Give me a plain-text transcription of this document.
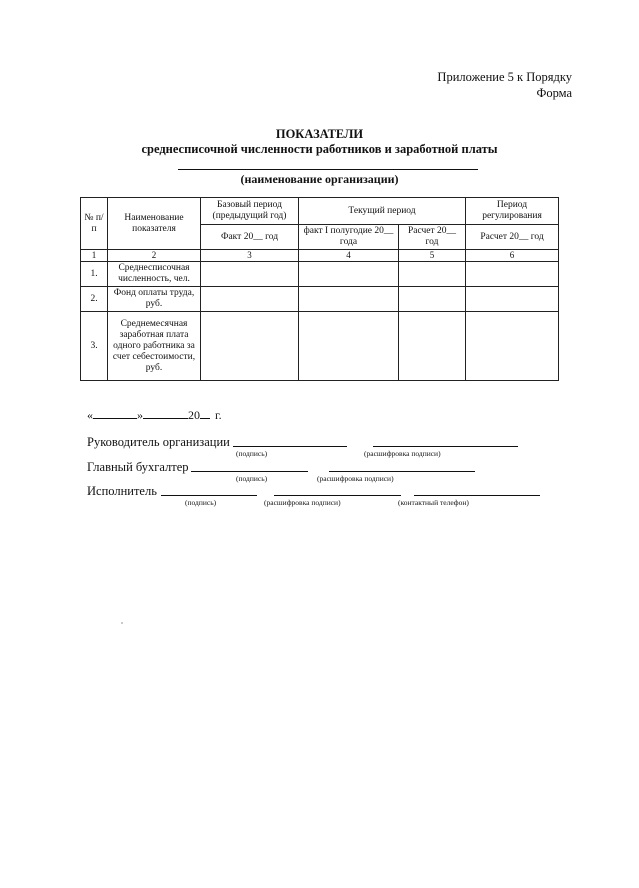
Приложение 5 к Порядку
Форма
ПОКАЗАТЕЛИ
среднесписочной численности работников и заработной платы
(наименование организации)
№ п/п	Наименование показателя	Базовый период (предыдущий год)	Текущий период		Период регулирования
		Факт 20__ год	факт I полугодие 20__ года	Расчет 20__ год	Расчет 20__ год
1	2	3	4	5	6
1.	Среднесписочная численность, чел.				
2.	Фонд оплаты труда, руб.				
3.	Среднемесячная заработная плата одного работника за счет себестоимости, руб.				
«	»	20 г.
Руководитель организации
(подпись)	(расшифровка подписи)
Главный бухгалтер
(подпись)	(расшифровка подписи)
Исполнитель
(подпись)	(расшифровка подписи)	(контактный телефон)
